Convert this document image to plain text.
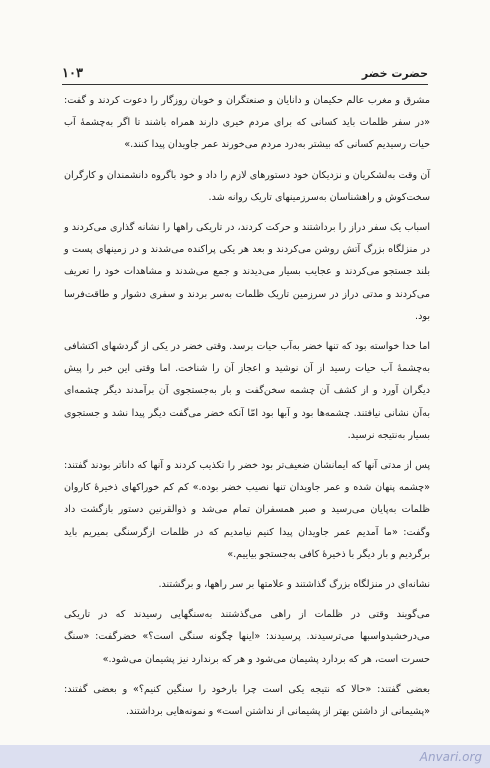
۱۰۳	حضرت خضر

مشرق و مغرب عالم حکیمان و دانایان و صنعتگران و خوبان روزگار را دعوت کردند و گفت: «در سفر ظلمات باید کسانی که برای مردم خیری دارند همراه باشند تا اگر به‌چشمهٔ آب حیات رسیدیم کسانی که بیشتر به‌درد مردم می‌خورند عمر جاویدان پیدا کنند.»

آن وقت به‌لشکریان و نزدیکان خود دستورهای لازم را داد و خود باگروه دانشمندان و کارگران سخت‌کوش و راهشناسان به‌سرزمینهای تاریک روانه شد.

اسباب یک سفر دراز را برداشتند و حرکت کردند، در تاریکی راهها را نشانه گذاری می‌کردند و در منزلگاه بزرگ آتش روشن می‌کردند و بعد هر یکی پراکنده می‌شدند و در زمینهای پست و بلند جستجو می‌کردند و عجایب بسیار می‌دیدند و جمع می‌شدند و مشاهدات خود را تعریف می‌کردند و مدتی دراز در سرزمین تاریک ظلمات به‌سر بردند و سفری دشوار و طاقت‌فرسا بود.

اما خدا خواسته بود که تنها خضر به‌آب حیات برسد. وقتی خضر در یکی از گردشهای اکتشافی به‌چشمهٔ آب حیات رسید از آن نوشید و اعجاز آن را شناخت. اما وقتی این خبر را پیش دیگران آورد و از کشف آن چشمه سخن‌گفت و بار به‌جستجوی آن برآمدند دیگر چشمه‌ای به‌آن نشانی نیافتند. چشمه‌ها بود و آبها بود امّا آنکه خضر می‌گفت دیگر پیدا نشد و جستجوی بسیار به‌نتیجه نرسید.

پس از مدتی آنها که ایمانشان ضعیف‌تر بود خضر را تکذیب کردند و آنها که داناتر بودند گفتند: «چشمه پنهان شده و عمر جاویدان تنها نصیب خضر بوده.» کم کم خوراکهای ذخیرهٔ کاروان ظلمات به‌پایان می‌رسید و صبر همسفران تمام می‌شد و ذوالقرنین دستور بازگشت داد وگفت: «ما آمدیم عمر جاویدان پیدا کنیم نیامدیم که در ظلمات ازگرسنگی بمیریم باید برگردیم و بار دیگر با ذخیرهٔ کافی به‌جستجو بیاییم.»

نشانه‌ای در منزلگاه بزرگ گذاشتند و علامتها بر سر راهها، و برگشتند.

می‌گویند وقتی در ظلمات از راهی می‌گذشتند به‌سنگهایی رسیدند که در تاریکی می‌درخشیدواسبها می‌ترسیدند. پرسیدند: «اینها چگونه سنگی است؟» خضرگفت: «سنگ حسرت است، هر که بردارد پشیمان می‌شود و هر که برندارد نیز پشیمان می‌شود.»

بعضی گفتند: «حالا که نتیجه یکی است چرا بارخود را سنگین کنیم؟» و بعضی گفتند: «پشیمانی از داشتن بهتر از پشیمانی از نداشتن است» و نمونه‌هایی برداشتند.

Anvari.org
